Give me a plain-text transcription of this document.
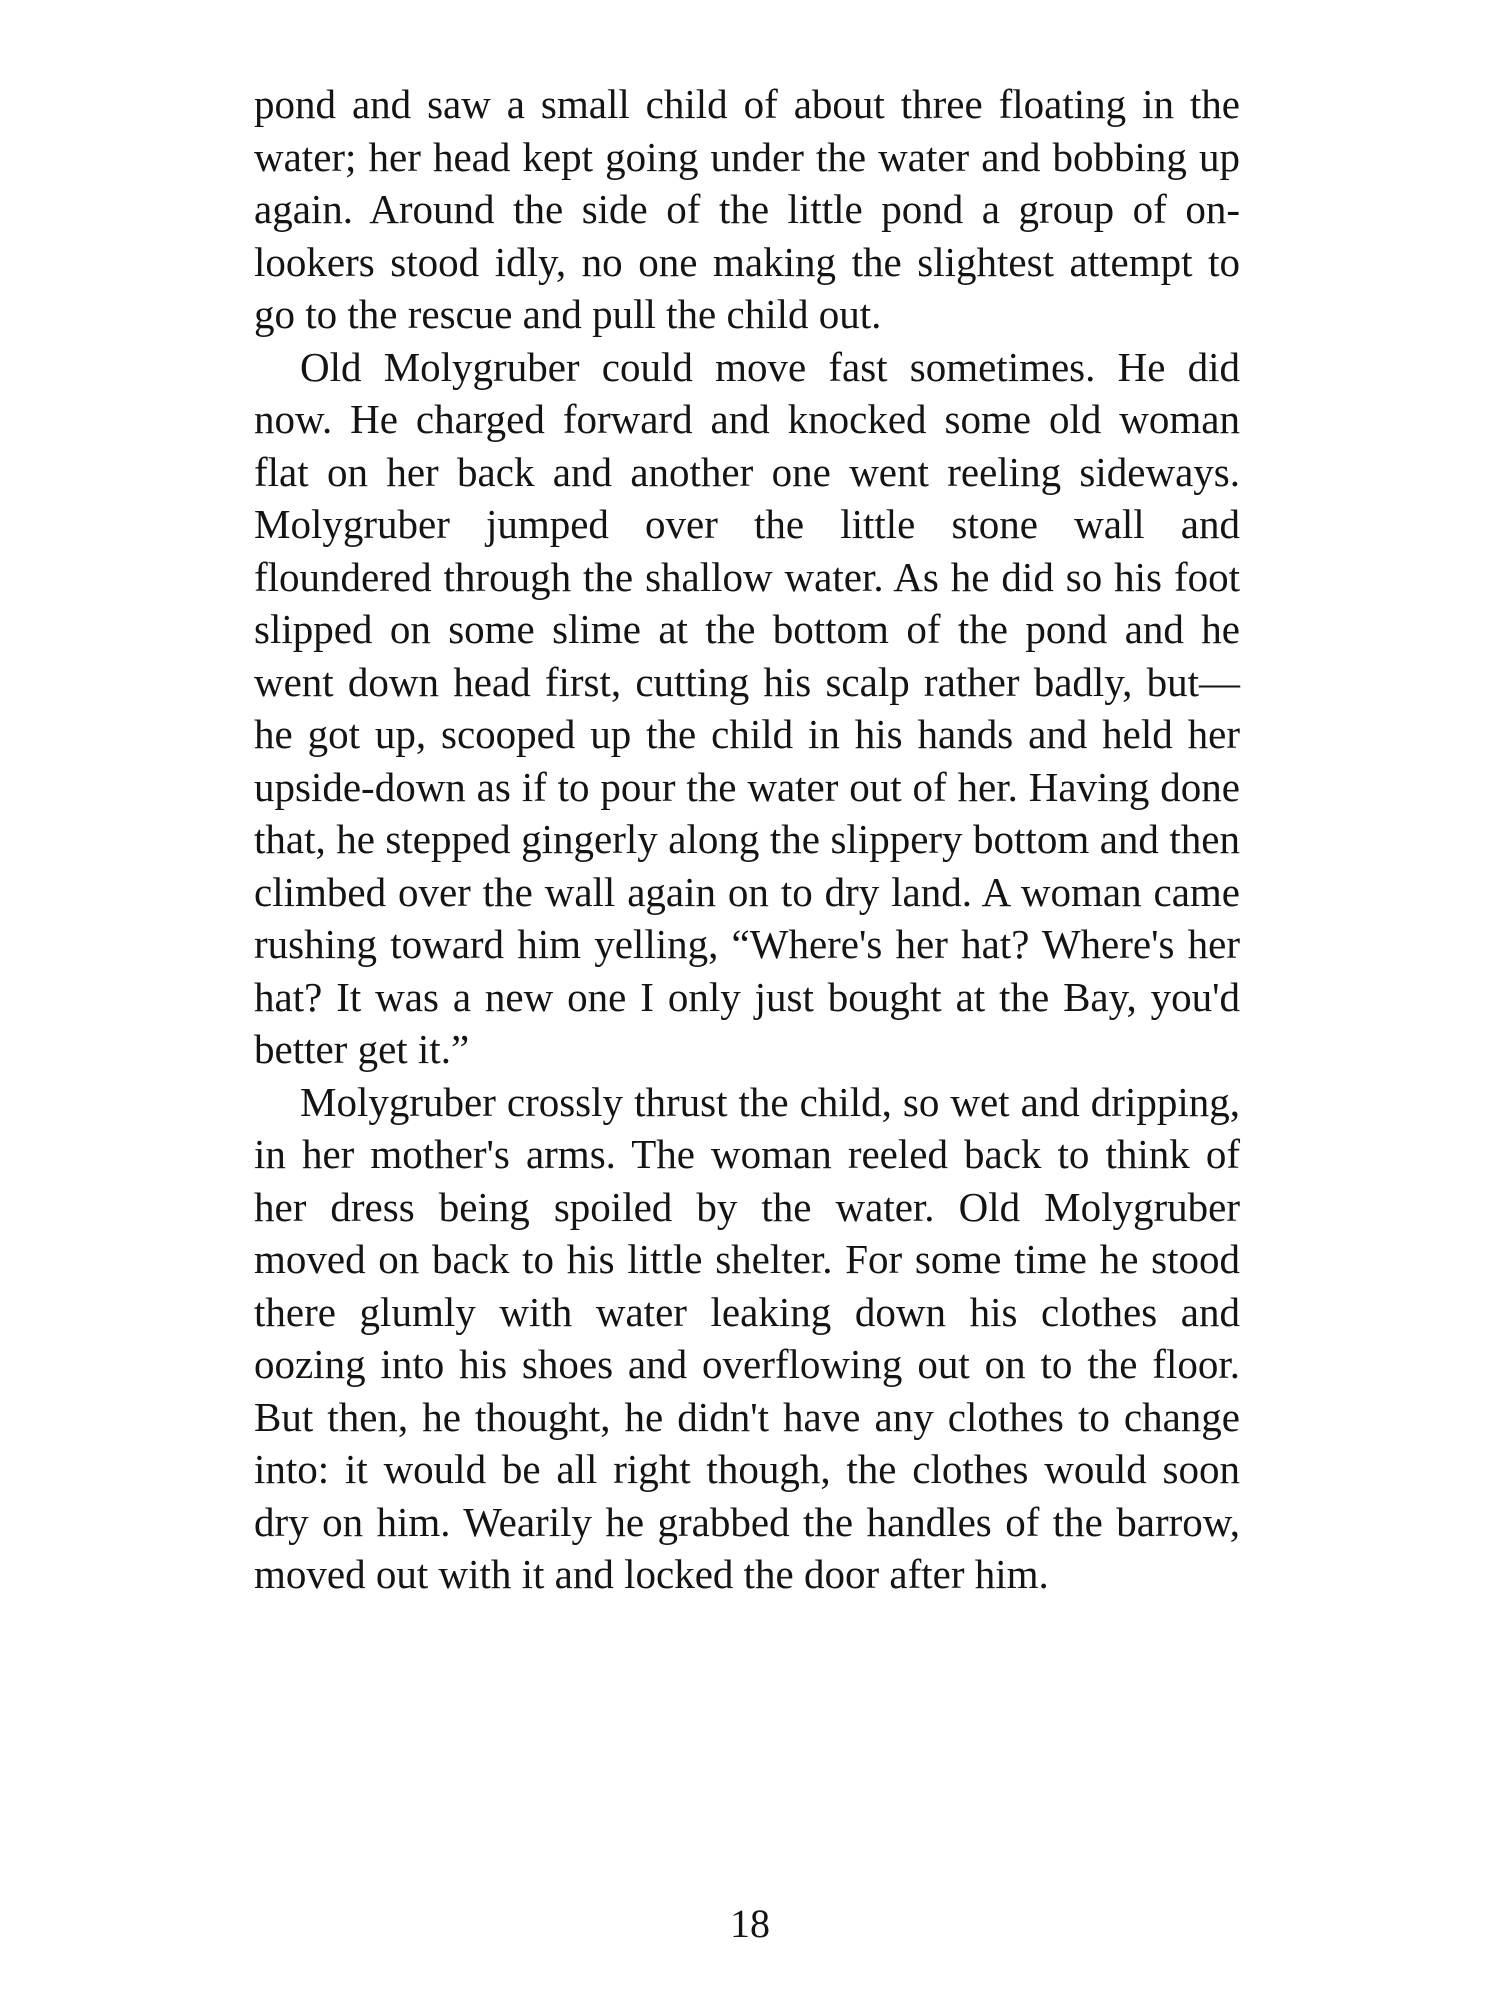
pond and saw a small child of about three floating in the water; her head kept going under the water and bobbing up again. Around the side of the little pond a group of on-lookers stood idly, no one making the slightest attempt to go to the rescue and pull the child out.

Old Molygruber could move fast sometimes. He did now. He charged forward and knocked some old woman flat on her back and another one went reeling sideways. Molygruber jumped over the little stone wall and floundered through the shallow water. As he did so his foot slipped on some slime at the bottom of the pond and he went down head first, cutting his scalp rather badly, but—he got up, scooped up the child in his hands and held her upside-down as if to pour the water out of her. Having done that, he stepped gingerly along the slippery bottom and then climbed over the wall again on to dry land. A woman came rushing toward him yelling, “Where's her hat? Where's her hat? It was a new one I only just bought at the Bay, you'd better get it.”

Molygruber crossly thrust the child, so wet and dripping, in her mother's arms. The woman reeled back to think of her dress being spoiled by the water. Old Molygruber moved on back to his little shelter. For some time he stood there glumly with water leaking down his clothes and oozing into his shoes and overflowing out on to the floor. But then, he thought, he didn't have any clothes to change into: it would be all right though, the clothes would soon dry on him. Wearily he grabbed the handles of the barrow, moved out with it and locked the door after him.

18
